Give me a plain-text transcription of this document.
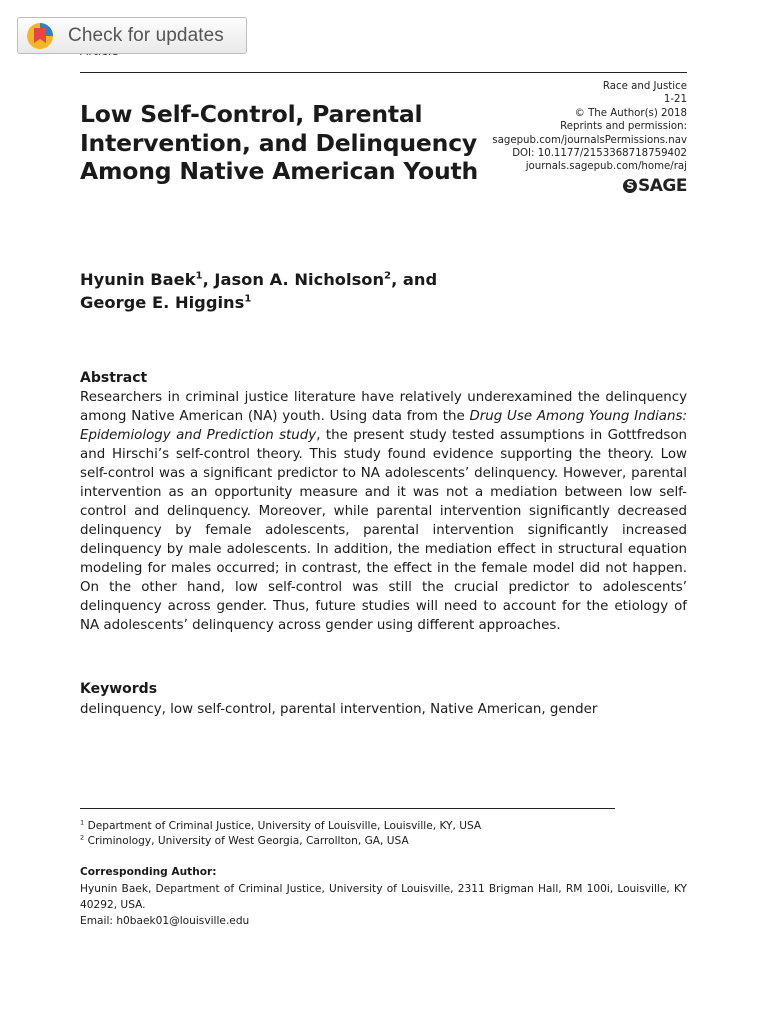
Check for updates
Race and Justice
1-21
© The Author(s) 2018
Reprints and permission:
sagepub.com/journalsPermissions.nav
DOI: 10.1177/2153368718759402
journals.sagepub.com/home/raj
S SAGE
Low Self-Control, Parental Intervention, and Delinquency Among Native American Youth

Hyunin Baek$^1$, Jason A. Nicholson$^2$, and George E. Higgins$^1$

Abstract

Researchers in criminal justice literature have relatively underexamined the delinquency among Native American (NA) youth. Using data from the Drug Use Among Young Indians: Epidemiology and Prediction study, the present study tested assumptions in Gottfredson and Hirschi’s self-control theory. This study found evidence supporting the theory. Low self-control was a significant predictor to NA adolescents’ delinquency. However, parental intervention as an opportunity measure and it was not a mediation between low self-control and delinquency. Moreover, while parental intervention significantly decreased delinquency by female adolescents, parental intervention significantly increased delinquency by male adolescents. In addition, the mediation effect in structural equation modeling for males occurred; in contrast, the effect in the female model did not happen. On the other hand, low self-control was still the crucial predictor to adolescents’ delinquency across gender. Thus, future studies will need to account for the etiology of NA adolescents’ delinquency across gender using different approaches.

Keywords
delinquency, low self-control, parental intervention, Native American, gender
$^1$ Department of Criminal Justice, University of Louisville, Louisville, KY, USA
$^2$ Criminology, University of West Georgia, Carrollton, GA, USA
Corresponding Author:
Hyunin Baek, Department of Criminal Justice, University of Louisville, 2311 Brigman Hall, RM 100i, Louisville, KY 40292, USA.
Email: h0baek01@louisville.edu
